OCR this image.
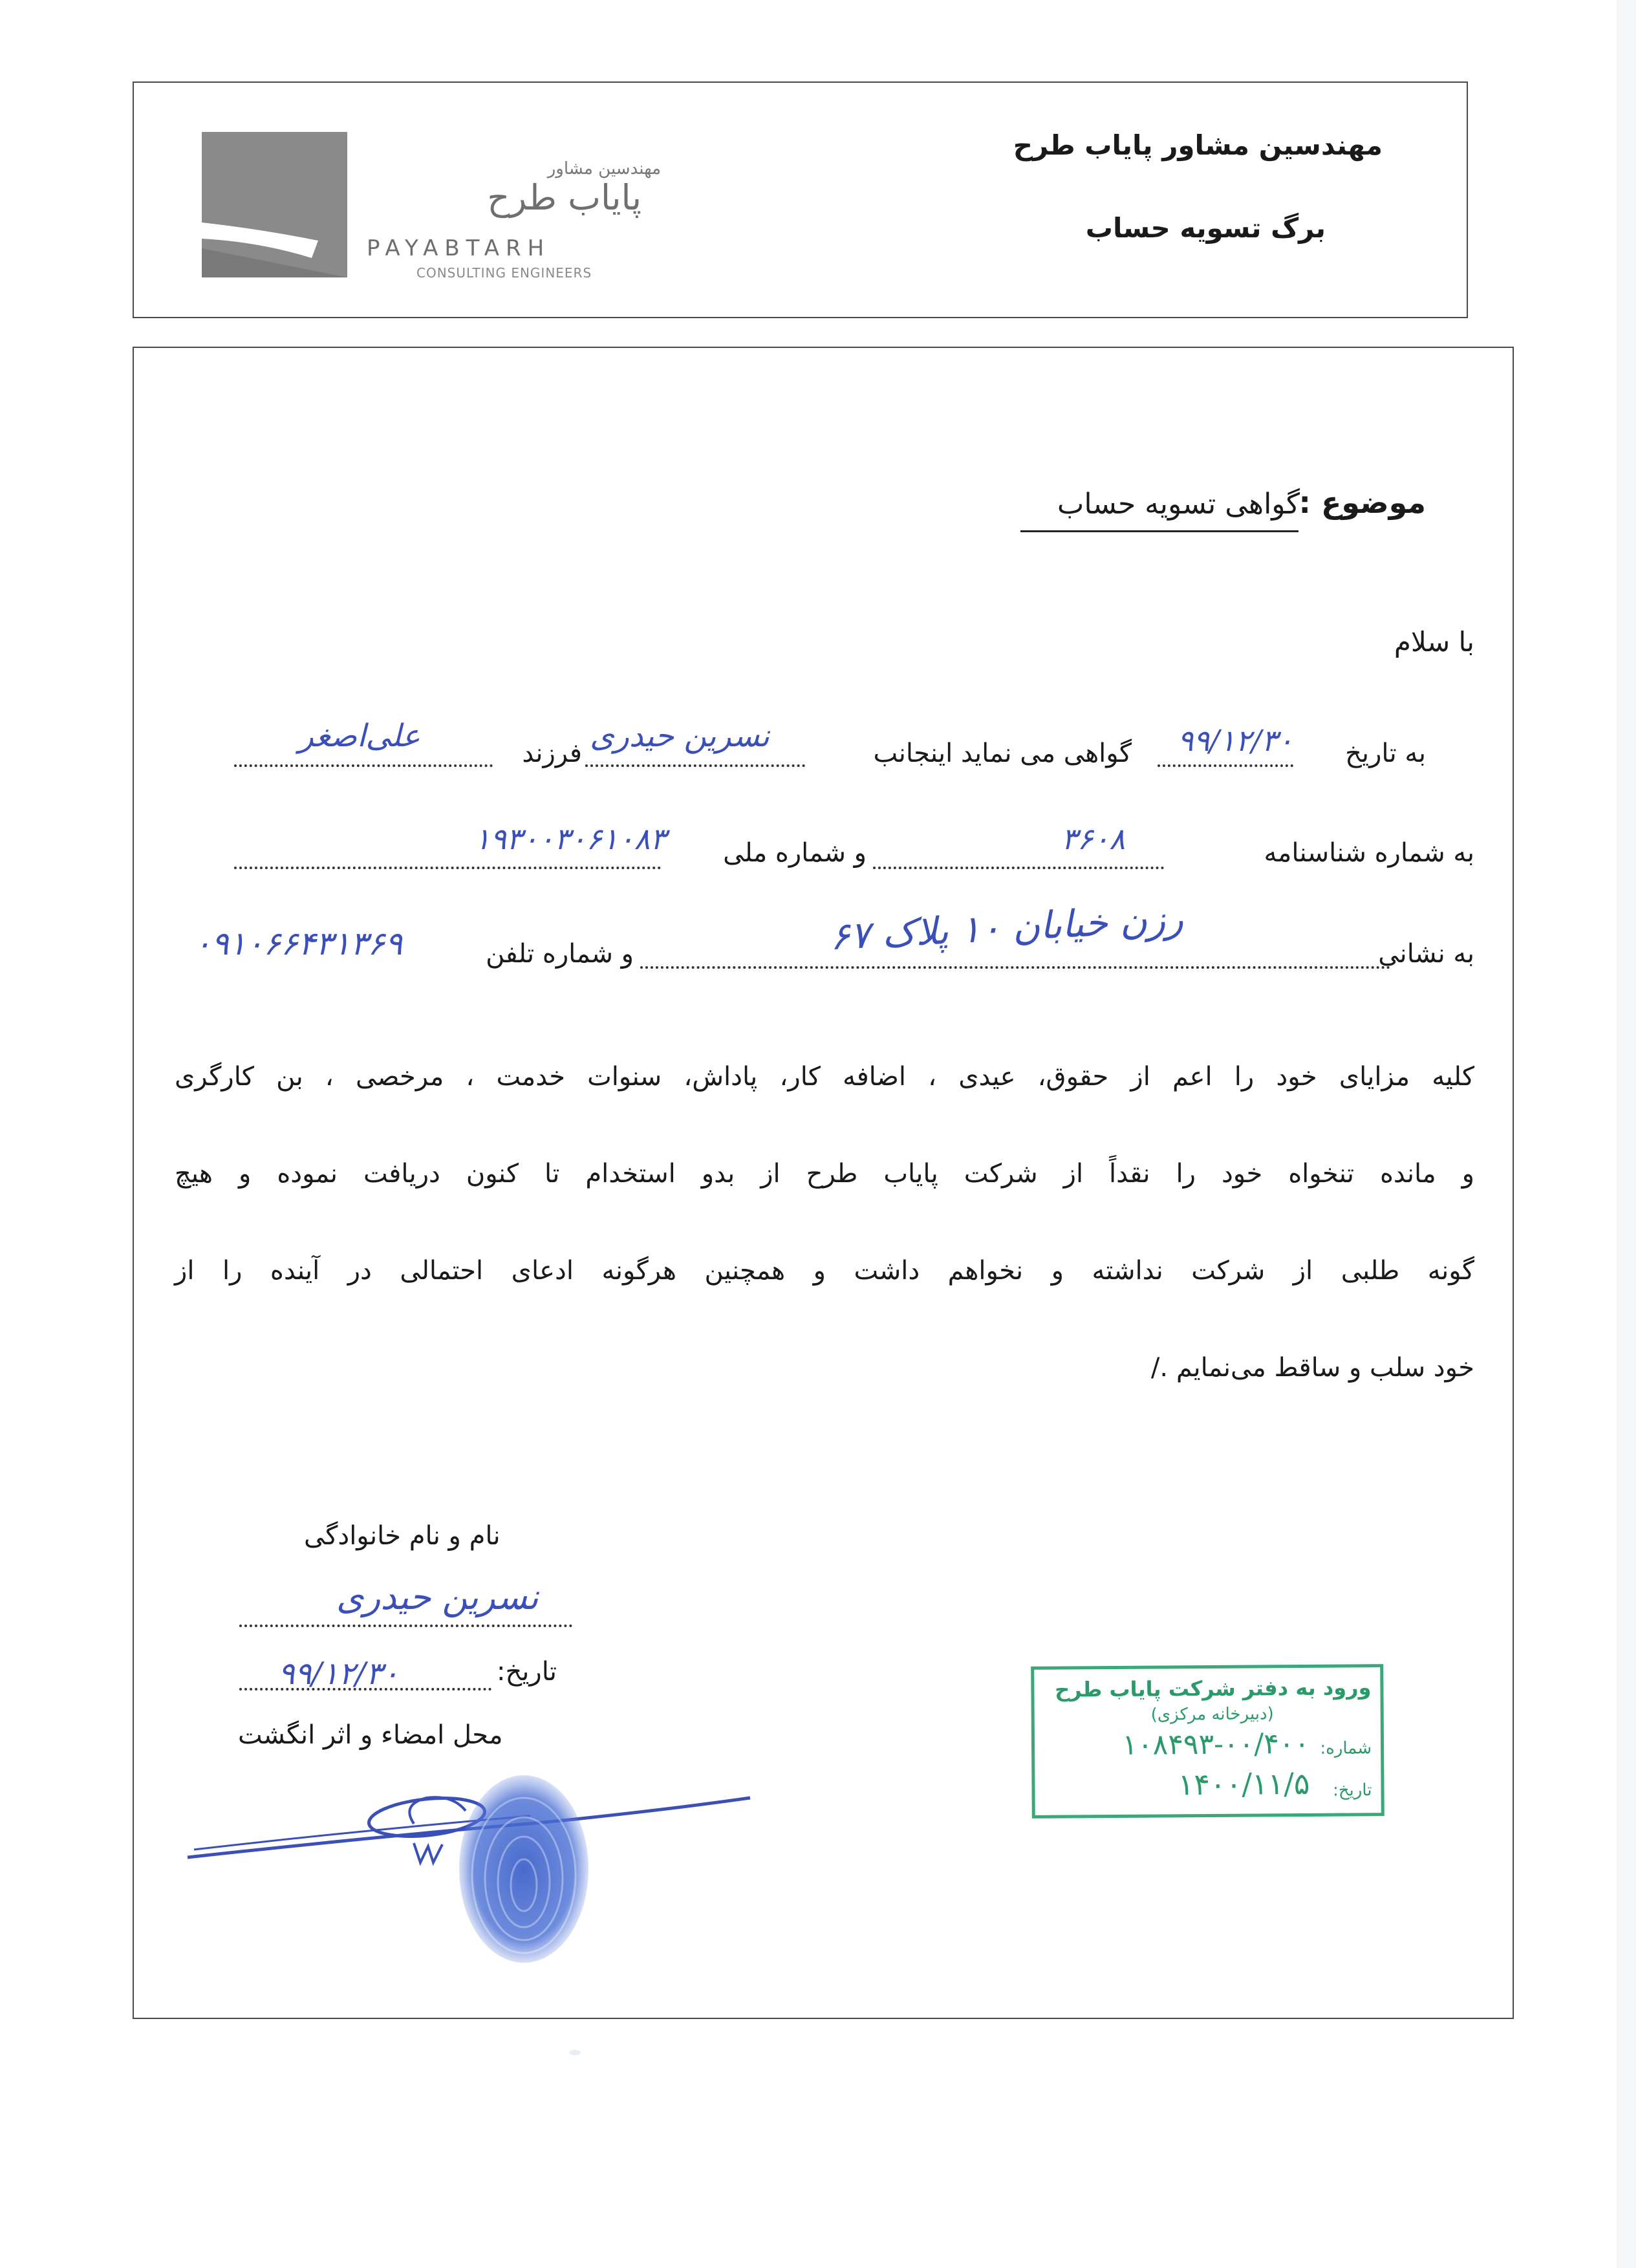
مهندسین مشاور پایاب طرح
برگ تسویه حساب
مهندسین مشاور
پایاب طرح
PAYABTARH
CONSULTING ENGINEERS
موضوع :
گواهی تسویه حساب
با سلام
به تاریخ
۹۹/۱۲/۳۰
گواهی می نماید اینجانب
نسرین حیدری
فرزند
علی‌اصغر
به شماره شناسنامه
۳۶۰۸
و شماره ملی
۱۹۳۰۰۳۰۶۱۰۸۳
به نشانی
رزن خیابان ۱۰ پلاک ۶۷
و شماره تلفن
۰۹۱۰۶۶۴۳۱۳۶۹
کلیه مزایای خود را اعم از حقوق، عیدی ، اضافه کار، پاداش، سنوات خدمت ، مرخصی ، بن کارگری
و مانده تنخواه خود را نقداً از شرکت پایاب طرح از بدو استخدام تا کنون دریافت نموده و هیچ
گونه طلبی از شرکت نداشته و نخواهم داشت و همچنین هرگونه ادعای احتمالی در آینده را از
خود سلب و ساقط می‌نمایم ./
نام و نام خانوادگی
نسرین حیدری
تاریخ:
۹۹/۱۲/۳۰
محل امضاء و اثر انگشت
ورود به دفتر شرکت پایاب طرح
(دبیرخانه مرکزی)
شماره:
۱۰۸۴۹۳-۰۰/۴۰۰
تاریخ:
۱۴۰۰/۱۱/۵
